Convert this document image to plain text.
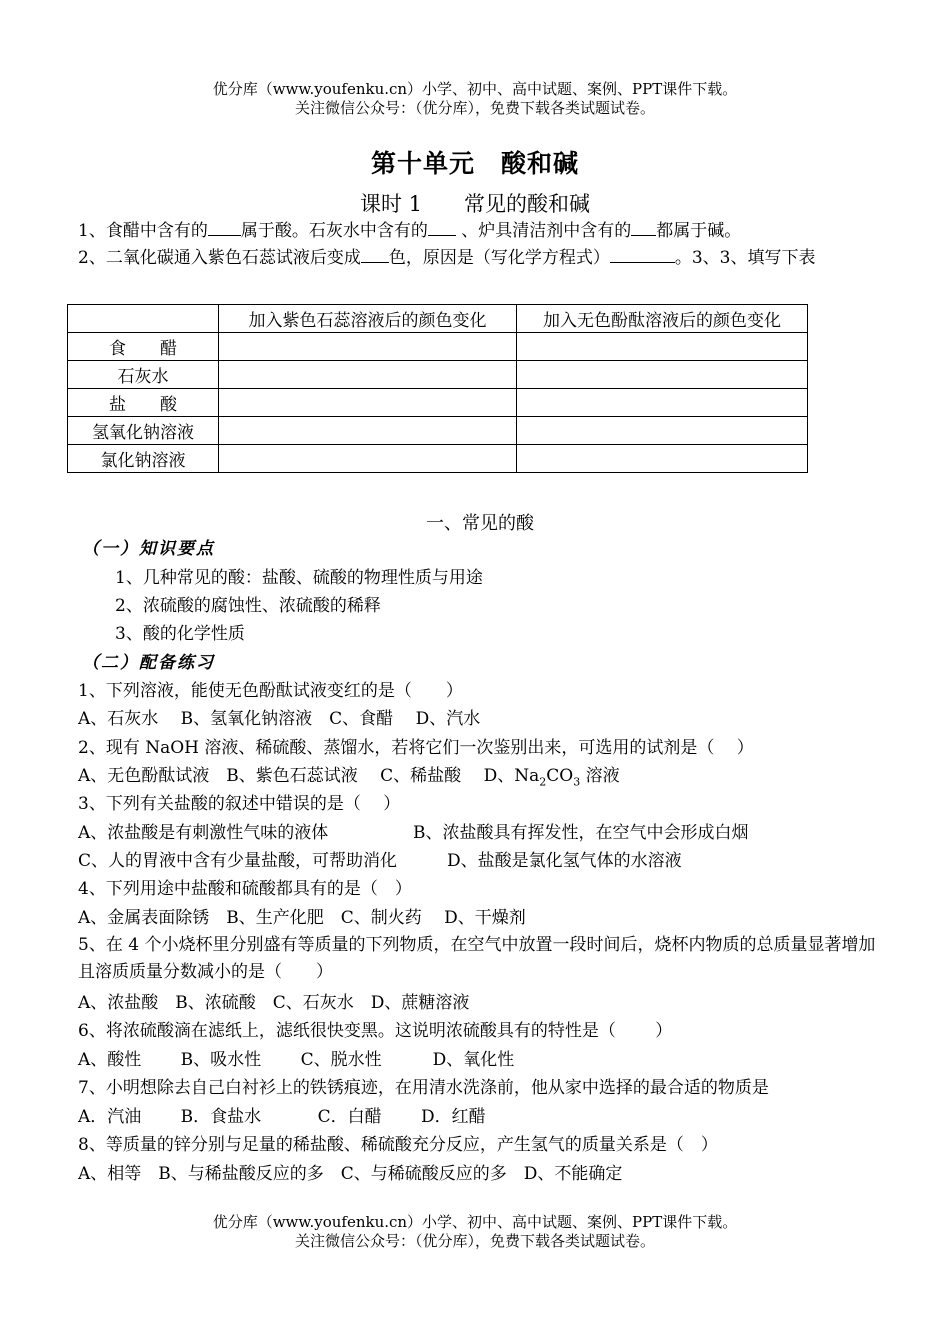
优分库（www.youfenku.cn）小学、初中、高中试题、案例、PPT课件下载。
关注微信公众号：（优分库），免费下载各类试题试卷。
第十单元　酸和碱
课时 1　　常见的酸和碱
1、食醋中含有的 属于酸。石灰水中含有的 、炉具清洁剂中含有的 都属于碱。
2、二氧化碳通入紫色石蕊试液后变成 色，原因是（写化学方程式）	。3、3、填写下表
	加入紫色石蕊溶液后的颜色变化	加入无色酚酞溶液后的颜色变化
食　　醋		
石灰水		
盐　　酸		
氢氧化钠溶液		
氯化钠溶液		
一、常见的酸
（一）知识要点
1、几种常见的酸：盐酸、硫酸的物理性质与用途
2、浓硫酸的腐蚀性、浓硫酸的稀释
3、酸的化学性质
（二）配备练习
1、下列溶液，能使无色酚酞试液变红的是（　　）
A、石灰水　 B、氢氧化钠溶液　C、食醋　 D、汽水
2、现有 NaOH 溶液、稀硫酸、蒸馏水，若将它们一次鉴别出来，可选用的试剂是（　 ）
A、无色酚酞试液　B、紫色石蕊试液　 C、稀盐酸　 D、$Na_2CO_3$ 溶液
3、下列有关盐酸的叙述中错误的是（　 ）
A、浓盐酸是有刺激性气味的液体	B、浓盐酸具有挥发性，在空气中会形成白烟
C、人的胃液中含有少量盐酸，可帮助消化	D、盐酸是氯化氢气体的水溶液
4、下列用途中盐酸和硫酸都具有的是（　）
A、金属表面除锈　B、生产化肥　C、制火药　 D、干燥剂
5、在 4 个小烧杯里分别盛有等质量的下列物质，在空气中放置一段时间后，烧杯内物质的总质量显著增加且溶质质量分数减小的是（　　）
A、浓盐酸　B、浓硫酸　C、石灰水　D、蔗糖溶液
6、将浓硫酸滴在滤纸上，滤纸很快变黑。这说明浓硫酸具有的特性是（　　 ）
A、酸性　　 B、吸水性　　 C、脱水性　　　D、氧化性
7、小明想除去自己白衬衫上的铁锈痕迹，在用清水洗涤前，他从家中选择的最合适的物质是
A．汽油　　 B．食盐水　　　 C．白醋　　 D．红醋
8、等质量的锌分别与足量的稀盐酸、稀硫酸充分反应，产生氢气的质量关系是（　）
A、相等　B、与稀盐酸反应的多　C、与稀硫酸反应的多　D、不能确定
优分库（www.youfenku.cn）小学、初中、高中试题、案例、PPT课件下载。
关注微信公众号：（优分库），免费下载各类试题试卷。
